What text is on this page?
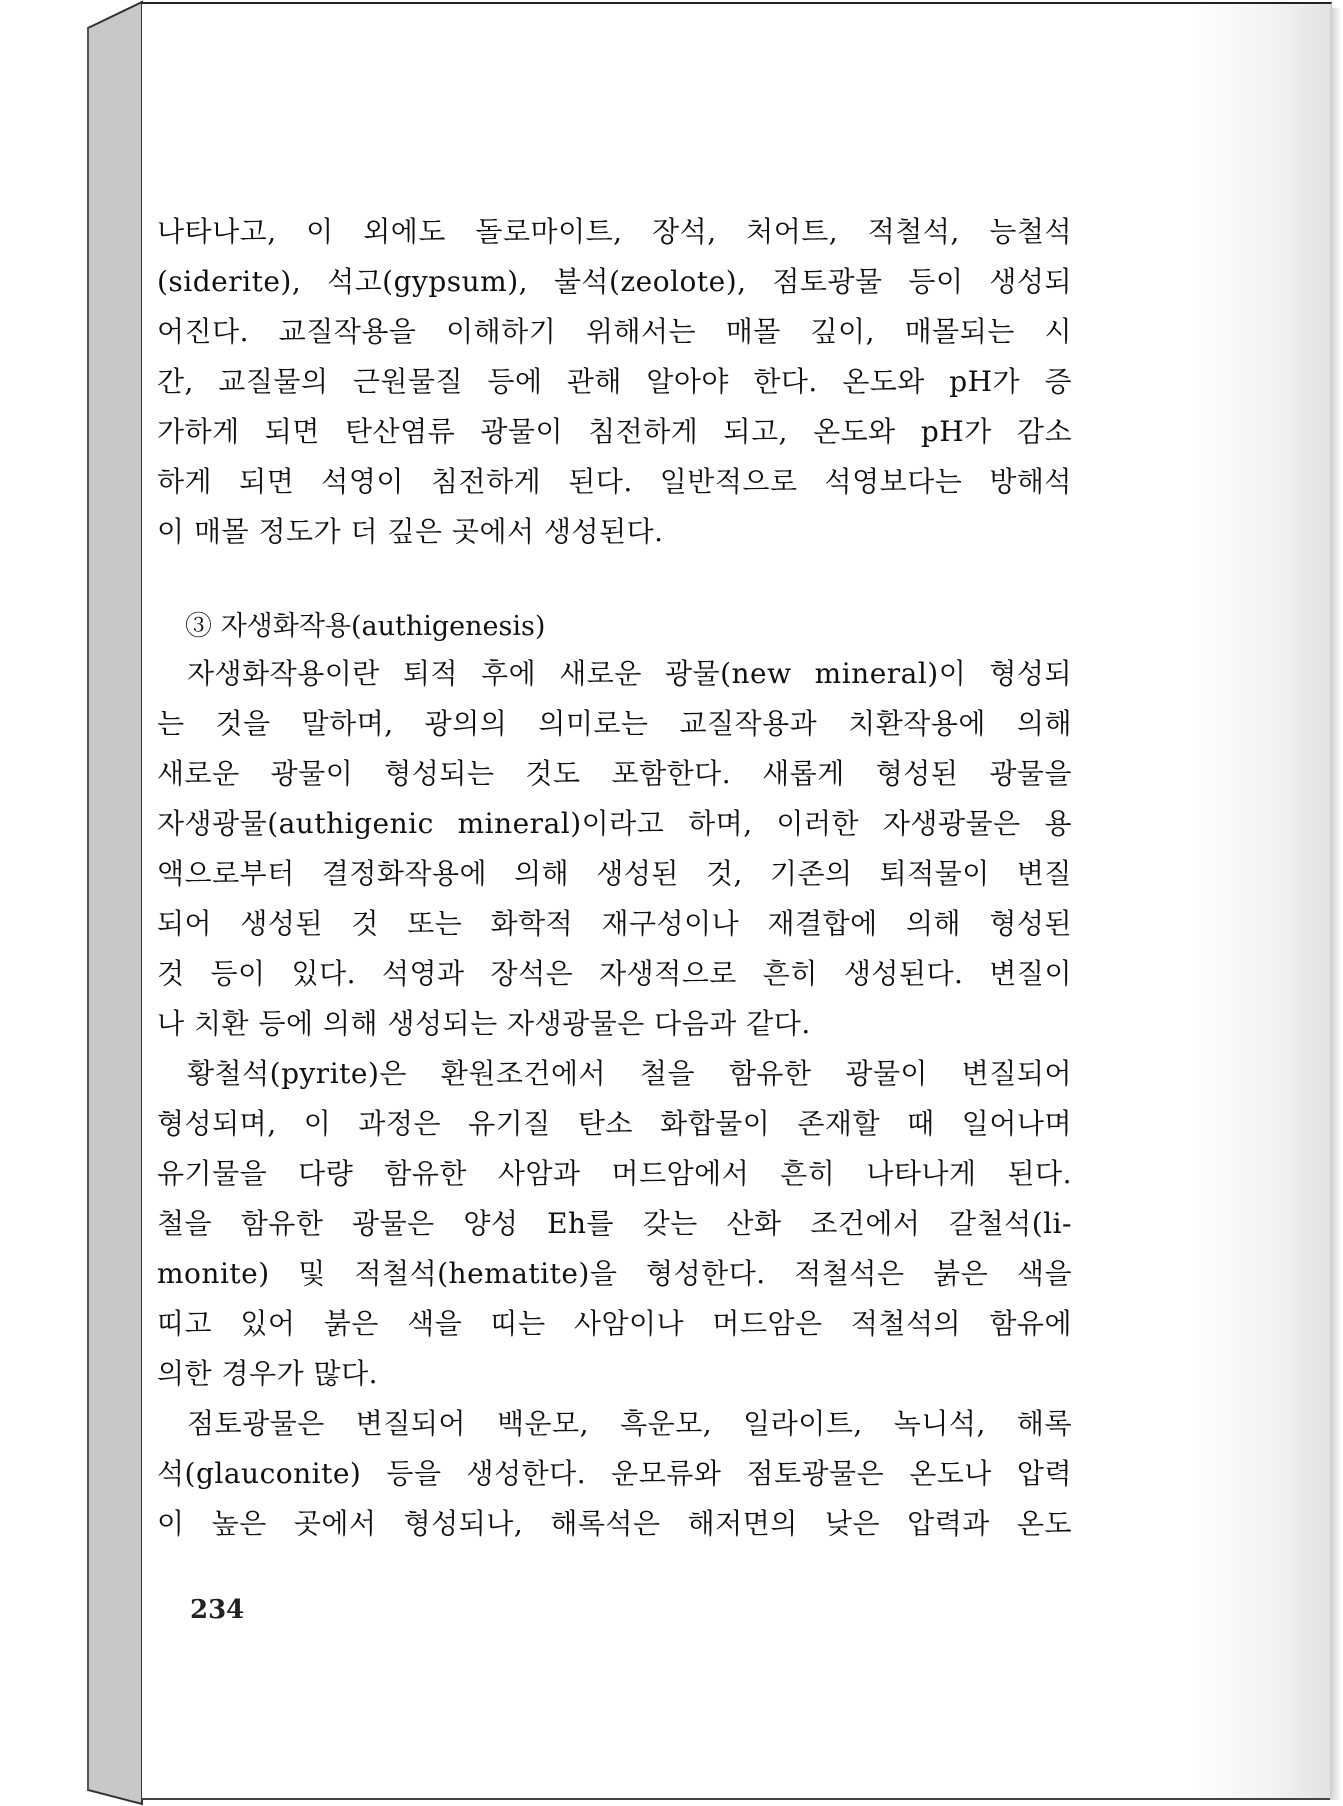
나타나고, 이 외에도 돌로마이트, 장석, 처어트, 적철석, 능철석
(siderite), 석고(gypsum), 불석(zeolote), 점토광물 등이 생성되
어진다. 교질작용을 이해하기 위해서는 매몰 깊이, 매몰되는 시
간, 교질물의 근원물질 등에 관해 알아야 한다. 온도와 pH가 증
가하게 되면 탄산염류 광물이 침전하게 되고, 온도와 pH가 감소
하게 되면 석영이 침전하게 된다. 일반적으로 석영보다는 방해석
이 매몰 정도가 더 깊은 곳에서 생성된다.
③ 자생화작용(authigenesis)
자생화작용이란 퇴적 후에 새로운 광물(new mineral)이 형성되
는 것을 말하며, 광의의 의미로는 교질작용과 치환작용에 의해
새로운 광물이 형성되는 것도 포함한다. 새롭게 형성된 광물을
자생광물(authigenic mineral)이라고 하며, 이러한 자생광물은 용
액으로부터 결정화작용에 의해 생성된 것, 기존의 퇴적물이 변질
되어 생성된 것 또는 화학적 재구성이나 재결합에 의해 형성된
것 등이 있다. 석영과 장석은 자생적으로 흔히 생성된다. 변질이
나 치환 등에 의해 생성되는 자생광물은 다음과 같다.
황철석(pyrite)은 환원조건에서 철을 함유한 광물이 변질되어
형성되며, 이 과정은 유기질 탄소 화합물이 존재할 때 일어나며
유기물을 다량 함유한 사암과 머드암에서 흔히 나타나게 된다.
철을 함유한 광물은 양성 Eh를 갖는 산화 조건에서 갈철석(li-
monite) 및 적철석(hematite)을 형성한다. 적철석은 붉은 색을
띠고 있어 붉은 색을 띠는 사암이나 머드암은 적철석의 함유에
의한 경우가 많다.
점토광물은 변질되어 백운모, 흑운모, 일라이트, 녹니석, 해록
석(glauconite) 등을 생성한다. 운모류와 점토광물은 온도나 압력
이 높은 곳에서 형성되나, 해록석은 해저면의 낮은 압력과 온도
234
